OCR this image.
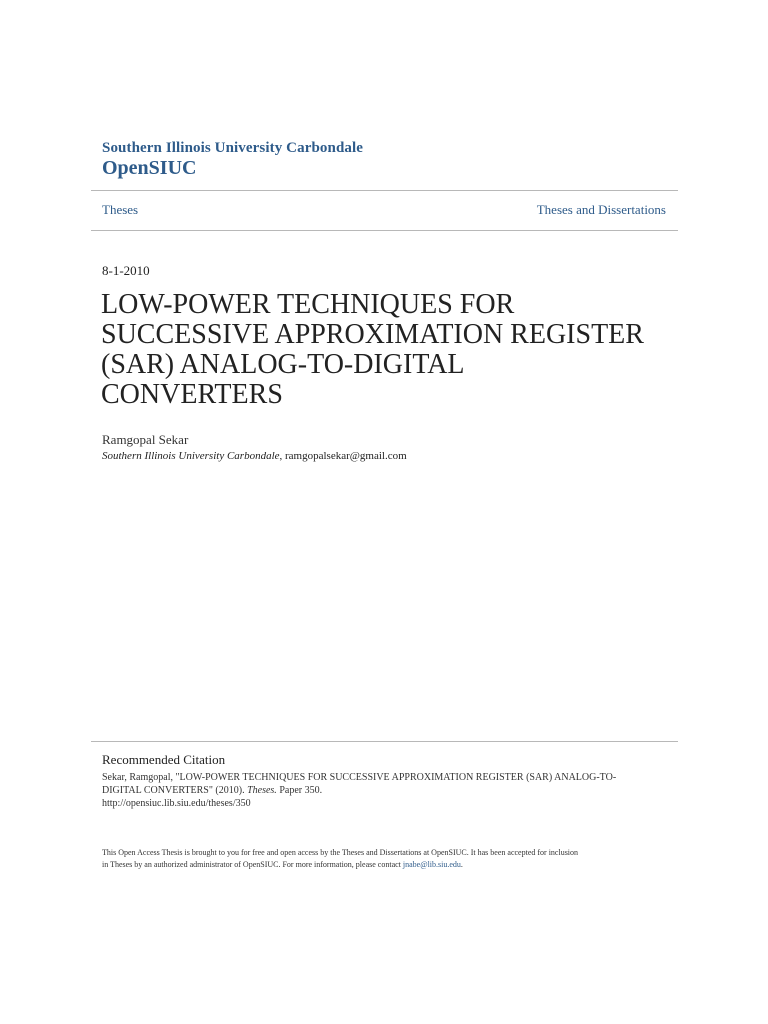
Southern Illinois University Carbondale
OpenSIUC
Theses	Theses and Dissertations
8-1-2010
LOW-POWER TECHNIQUES FOR
SUCCESSIVE APPROXIMATION REGISTER
(SAR) ANALOG-TO-DIGITAL
CONVERTERS
Ramgopal Sekar
Southern Illinois University Carbondale, ramgopalsekar@gmail.com
Recommended Citation
Sekar, Ramgopal, "LOW-POWER TECHNIQUES FOR SUCCESSIVE APPROXIMATION REGISTER (SAR) ANALOG-TO-
DIGITAL CONVERTERS" (2010). Theses. Paper 350.
http://opensiuc.lib.siu.edu/theses/350
This Open Access Thesis is brought to you for free and open access by the Theses and Dissertations at OpenSIUC. It has been accepted for inclusion
in Theses by an authorized administrator of OpenSIUC. For more information, please contact jnabe@lib.siu.edu.
